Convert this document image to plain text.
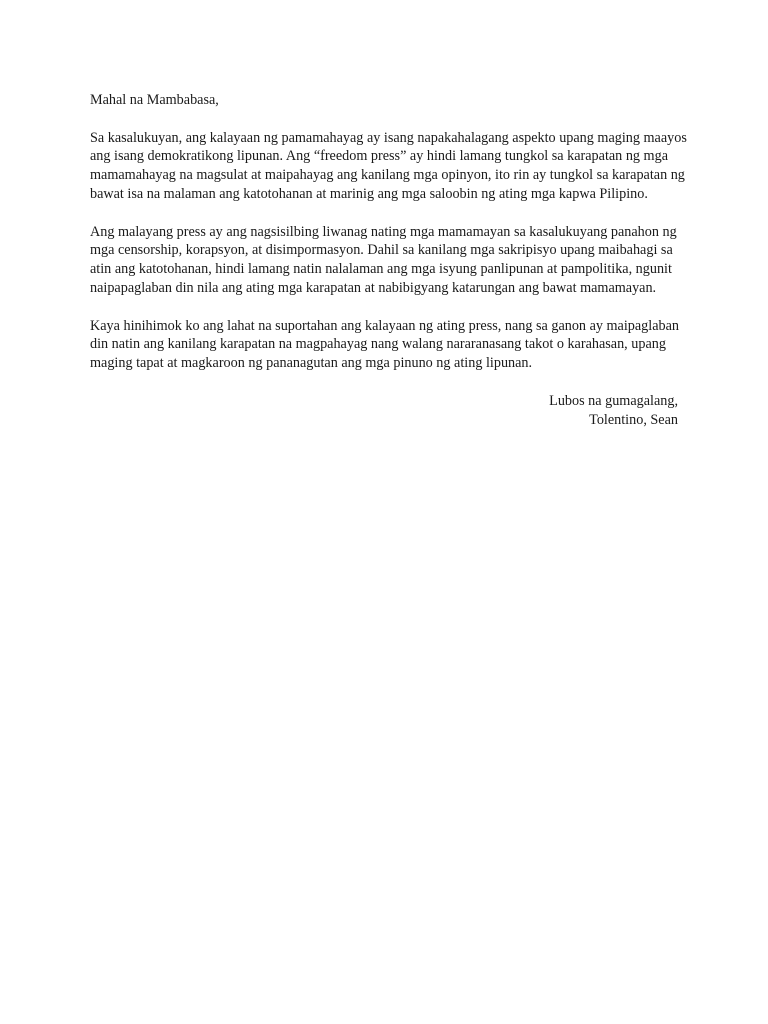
Mahal na Mambabasa,

Sa kasalukuyan, ang kalayaan ng pamamahayag ay isang napakahalagang aspekto upang maging maayos
ang isang demokratikong lipunan. Ang “freedom press” ay hindi lamang tungkol sa karapatan ng mga
mamamahayag na magsulat at maipahayag ang kanilang mga opinyon, ito rin ay tungkol sa karapatan ng
bawat isa na malaman ang katotohanan at marinig ang mga saloobin ng ating mga kapwa Pilipino.

Ang malayang press ay ang nagsisilbing liwanag nating mga mamamayan sa kasalukuyang panahon ng
mga censorship, korapsyon, at disimpormasyon. Dahil sa kanilang mga sakripisyo upang maibahagi sa
atin ang katotohanan, hindi lamang natin nalalaman ang mga isyung panlipunan at pampolitika, ngunit
naipapaglaban din nila ang ating mga karapatan at nabibigyang katarungan ang bawat mamamayan.

Kaya hinihimok ko ang lahat na suportahan ang kalayaan ng ating press, nang sa ganon ay maipaglaban
din natin ang kanilang karapatan na magpahayag nang walang nararanasang takot o karahasan, upang
maging tapat at magkaroon ng pananagutan ang mga pinuno ng ating lipunan.

Lubos na gumagalang,
Tolentino, Sean
